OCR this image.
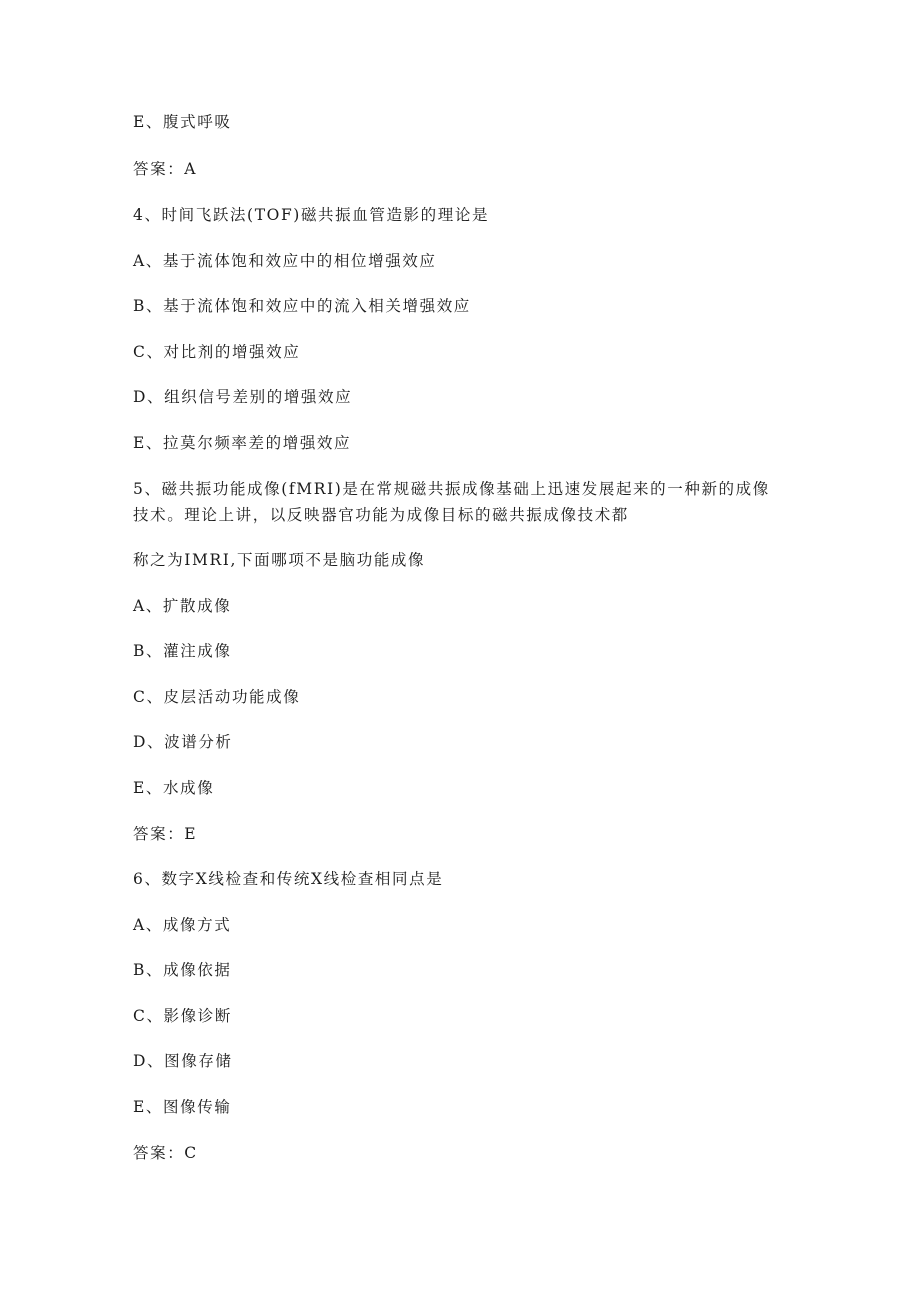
E、腹式呼吸
答案：A
4、时间飞跃法(TOF)磁共振血管造影的理论是
A、基于流体饱和效应中的相位增强效应
B、基于流体饱和效应中的流入相关增强效应
C、对比剂的增强效应
D、组织信号差别的增强效应
E、拉莫尔频率差的增强效应
5、磁共振功能成像(fMRI)是在常规磁共振成像基础上迅速发展起来的一种新的成像
技术。理论上讲，以反映器官功能为成像目标的磁共振成像技术都
称之为IMRI,下面哪项不是脑功能成像
A、扩散成像
B、灌注成像
C、皮层活动功能成像
D、波谱分析
E、水成像
答案：E
6、数字X线检查和传统X线检查相同点是
A、成像方式
B、成像依据
C、影像诊断
D、图像存储
E、图像传输
答案：C
